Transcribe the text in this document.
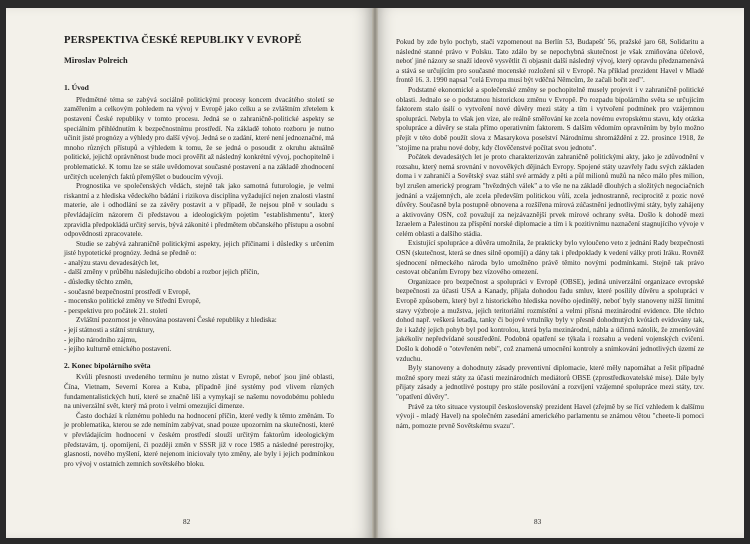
PERSPEKTIVA ČESKÉ REPUBLIKY V EVROPĚ
Miroslav Polreich
1. Úvod

Předmětné téma se zabývá sociálně politickými procesy koncem dvacátého století se zaměřením a celkovým pohledem na vývoj v Evropě jako celku a se zvláštním zřetelem k postavení České republiky v tomto procesu. Jedná se o zahraničně-politické aspekty se speciálním přihlédnutím k bezpečnostnímu prostředí. Na základě tohoto rozboru je nutno učinit jisté prognózy a výhledy pro další vývoj. Jedná se o zadání, které není jednoznačné, má mnoho různých přístupů a výhledem k tomu, že se jedná o posoudit z okruhu aktuálně politické, jejichž oprávněnost bude moci prověřit až následný konkrétní vývoj, pochopitelně i problematické. K tomu lze se stále uvědomovat současné postavení a na základě zhodnocení určitých ucelených faktů přemýšlet o budoucím vývoji.

Prognostika ve společenských vědách, stejně tak jako samotná futurologie, je velmi riskantní a z hlediska vědeckého bádání i rizikova disciplína vyžadující nejen znalosti vlastní materie, ale i odhodlání se za závěry postavit a v případě, že nejsou plně v souladu s převládajícím názorem či představou a ideologickým pojetím "establishmentu", který zpravidla předpokládá určitý servis, bývá zákonité i předmětem občanského přístupu a osobní odpovědnosti zpracovatele.

Studie se zabývá zahraničně politickými aspekty, jejich příčinami i důsledky s určením jisté hypotetické prognózy. Jedná se předně o:

- analýzu stavu devadesátých let,
- další změny v průběhu následujícího období a rozbor jejich příčin,
- důsledky těchto změn,
- současné bezpečnostní prostředí v Evropě,
- mocensko politické změny ve Střední Evropě,
- perspektivu pro počátek 21. století

Zvláštní pozornost je věnována postavení České republiky z hlediska:

- její státnosti a státní struktury,
- jejího národního zájmu,
- jejího kulturně etnického postavení.
2. Konec bipolárního světa

Kvůli přesnosti uvedeného termínu je nutno zůstat v Evropě, neboť jsou jiné oblasti, Čína, Vietnam, Severní Korea a Kuba, případně jiné systémy pod vlivem různých fundamentalistických hutí, které se značně liší a vymykají se našemu novodobému pohledu na univerzální svět, který má proto i velmi omezující dimenze.

Často dochází k různému pohledu na hodnocení příčin, které vedly k těmto změnám. To je problematika, kterou se zde nemíním zabývat, snad pouze upozorním na skutečnosti, které v převládajícím hodnocení v českém prostředí slouží určitým faktorům ideologickým představám, tj. opomíjení, či později změn v SSSR již v roce 1985 a následné perestrojky, glasnosti, nového myšlení, které nejenom iniciovaly tyto změny, ale byly i jejich podmínkou pro vývoj v ostatních zemních sovětského bloku.

82

Pokud by zde bylo pochyb, stačí vzpomenout na Berlín 53, Budapešť 56, pražské jaro 68, Solidaritu a následné stanné právo v Polsku. Tato zdálo by se nepochybná skutečnost je však zmiňována účelově, neboť jiné názory se snaží ideově vysvětlit či objasnit další následný vývoj, který opravdu předznamenává a stává se určujícím pro současné mocenské rozložení sil v Evropě. Na příklad prezident Havel v Mladé frontě 16. 3. 1990 napsal "celá Evropa musí být vděčná Němcům, že začali bořit zeď".

Podstatné ekonomické a společenské změny se pochopitelně musely projevit i v zahraničně politické oblasti. Jednalo se o podstatnou historickou změnu v Evropě. Po rozpadu bipolárního světa se určujícím faktorem stalo úsilí o vytvoření nové důvěry mezi státy a tím i vytvoření podmínek pro vzájemnou spolupráci. Nebyla to však jen víze, ale reálně směřování ke zcela novému evropskému stavu, kdy otázka spolupráce a důvěry se stala přímo operativním faktorem. S dalším vědomím opravněním by bylo možno přejít v této době použít slova z Masarykova poselství Národnímu shromáždění z 22. prosince 1918, že "stojíme na prahu nové doby, kdy člověčenstvé počítat svou jednotu".

Počátek devadesátých let je proto charakterizován zahraničně politickými akty, jako je zdůvodnění v rozsahu, který nemá srovnání v novověkých dějinách Evropy. Spojené státy uzavřely řadu svých základen doma i v zahraničí a Sovětský svaz stáhl své armády z pěti a půl milionů mužů na něco málo přes milion, byl zrušen americký program "hvězdných válek" a to vše ne na základě dlouhých a složitých negociačních jednání a vzájemných, ale zcela především politickou vůlí, zcela jednostranně, reciprocitě z pozic nové důvěry. Současně byla postupně obnovena a rozšířena mírová zúčastnění jednotlivými státy, byly zahájeny a aktivovány OSN, což považují za nejzávaznější prvek mírové ochrany světa. Došlo k dohodě mezi Izraelem a Palestinou za příspění norské diplomacie a tím i k pozitivnímu naznačení stagnujícího vývoje v celém oblasti a dalšího stádia.

Existující spolupráce a důvěra umožnila, že prakticky bylo vyloučeno veto z jednání Rady bezpečnosti OSN (skutečnost, která se dnes silně opomíjí) a dány tak i předpoklady k vedení války proti Iráku. Rovněž sjednocení německého národa bylo umožněno právě těmito novými podmínkami. Stejně tak právo cestovat občanům Evropy bez vízového omezení.

Organizace pro bezpečnost a spolupráci v Evropě (OBSE), jediná univerzální organizace evropské bezpečnosti za účasti USA a Kanady, přijala dohodou řadu smluv, které posílily důvěru a spolupráci v Evropě způsobem, který byl z historického hlediska nového ojedinělý, neboť byly stanoveny nižší limitní stavy výzbroje a mužstva, jejich teritoriální rozmístění a velmi přísná mezinárodní evidence. Dle těchto dohod např. veškerá letadla, tanky či bojové vrtulníky byly v přesně dohodnutých kvótách evidovány tak, že i každý jejich pohyb byl pod kontrolou, která byla mezinárodní, nábla a účinná nátolik, že zmenšování jakékoliv nepředvídané soustředění. Podobná opatření se týkala i rozsahu a vedení vojenských cvičení. Došlo k dohodě o "otevřeném nebi", což znamená umocnění kontroly a snímkování jednotlivých území ze vzduchu.

Byly stanoveny a dohodnuty zásady preventivní diplomacie, které měly napomáhat a řešit případné možné spory mezi státy za účasti mezinárodních mediátorů OBSE (zprostředkovatelské mise). Dále byly přijaty zásady a jednotlivé postupy pro stále posilování a rozvíjení vzájemné spolupráce mezi státy, tzv. "opatření důvěry".

Právě za této situace vystoupil československý prezident Havel (zřejmě by se řící vzhledem k dalšímu vývoji - mladý Havel) na společném zasedání amerického parlamentu se známou větou "cheete-li pomoci nám, pomozte prvně Sovětskému svazu".

83
